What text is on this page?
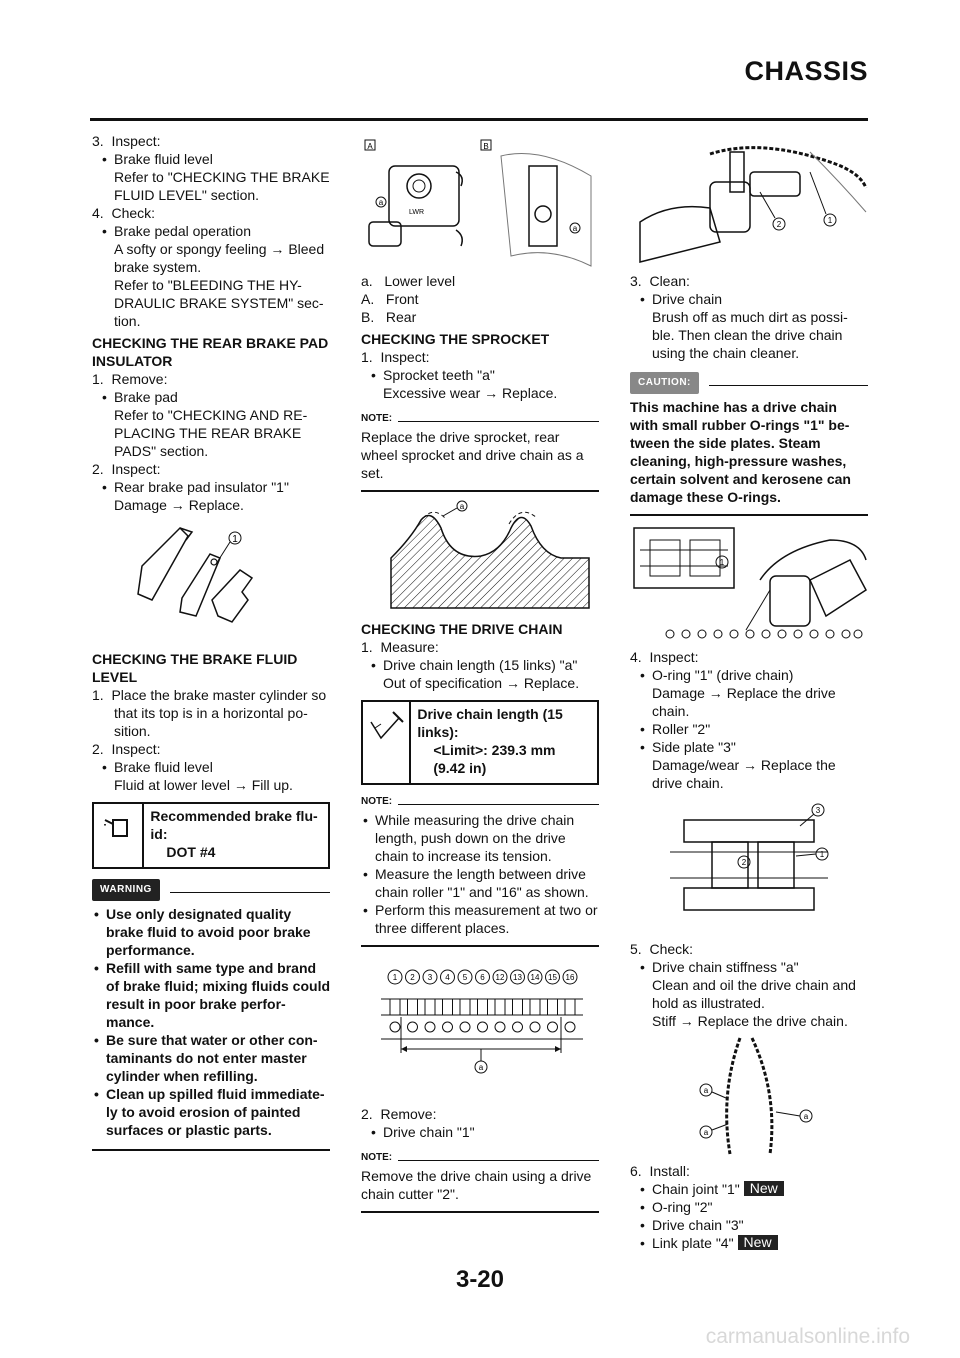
CHASSIS

3.  Inspect:

• Brake fluid level

Refer to "CHECKING THE BRAKE FLUID LEVEL" section.

4.  Check:

• Brake pedal operation

A softy or spongy feeling → Bleed brake system.

Refer to "BLEEDING THE HY-DRAULIC BRAKE SYSTEM" sec-tion.

CHECKING THE REAR BRAKE PAD INSULATOR

1.  Remove:

• Brake pad

Refer to "CHECKING AND RE-PLACING THE REAR BRAKE PADS" section.

2.  Inspect:

• Rear brake pad insulator "1"

Damage → Replace.

1

CHECKING THE BRAKE FLUID LEVEL

1.  Place the brake master cylinder so that its top is in a horizontal po-sition.

2.  Inspect:

• Brake fluid level

Fluid at lower level → Fill up.

Recommended brake flu-id:
DOT #4
WARNING

• Use only designated quality brake fluid to avoid poor brake performance.

• Refill with same type and brand of brake fluid; mixing fluids could result in poor brake perfor-mance.

• Be sure that water or other con-taminants do not enter master cylinder when refilling.

• Clean up spilled fluid immediate-ly to avoid erosion of painted surfaces or plastic parts.

A	B
LWR
a
a

a.   Lower level

A.   Front

B.   Rear

CHECKING THE SPROCKET

1.  Inspect:

• Sprocket teeth "a"

Excessive wear → Replace.

NOTE:

Replace the drive sprocket, rear wheel sprocket and drive chain as a set.

a

CHECKING THE DRIVE CHAIN

1.  Measure:

• Drive chain length (15 links) "a"

Out of specification → Replace.

Drive chain length (15 links):
<Limit>: 239.3 mm (9.42 in)
NOTE:

• While measuring the drive chain length, push down on the drive chain to increase its tension.

• Measure the length between drive chain roller "1" and "16" as shown.

• Perform this measurement at two or three different places.

a
1 2 3 4 5 6 12 13 14 15 16

2.  Remove:

• Drive chain "1"

NOTE:

Remove the drive chain using a drive chain cutter "2".

2	1

3.  Clean:

• Drive chain

Brush off as much dirt as possi-ble. Then clean the drive chain using the chain cleaner.

CAUTION:

This machine has a drive chain with small rubber O-rings "1" be-tween the side plates. Steam cleaning, high-pressure washes, certain solvent and kerosene can damage these O-rings.

1

4.  Inspect:

• O-ring "1" (drive chain)

Damage → Replace the drive chain.

• Roller "2"

• Side plate "3"

Damage/wear → Replace the drive chain.

3
1
2

5.  Check:

• Drive chain stiffness "a"

Clean and oil the drive chain and hold as illustrated.

Stiff → Replace the drive chain.

a
a
a

6.  Install:

• Chain joint "1" New

• O-ring "2"

• Drive chain "3"

• Link plate "4" New

3-20
carmanualsonline.info
